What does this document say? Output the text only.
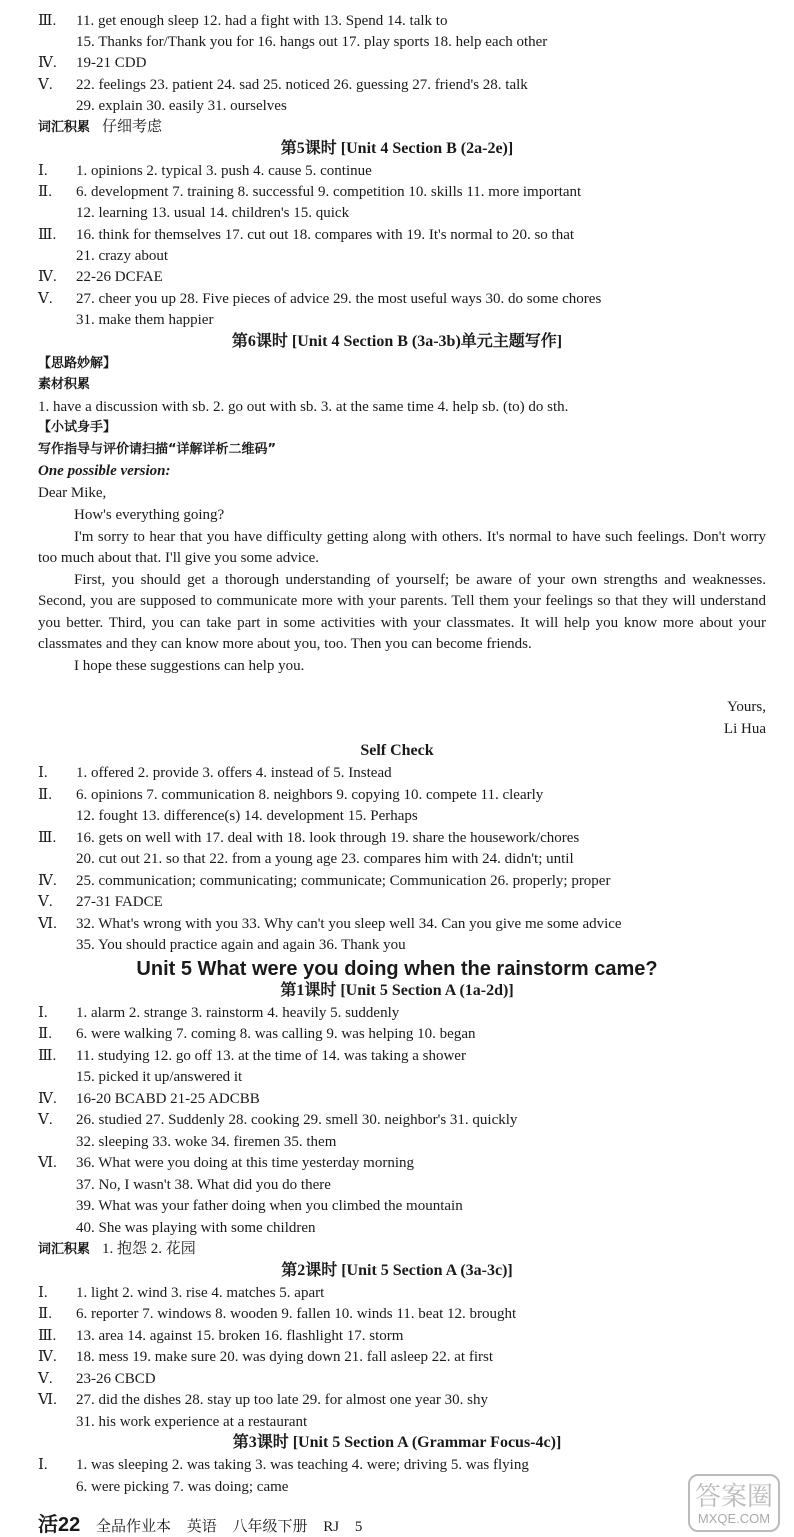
Ⅲ. 11. get enough sleep 12. had a fight with 13. Spend 14. talk to
15. Thanks for/Thank you for 16. hangs out 17. play sports 18. help each other
Ⅳ. 19-21 CDD
Ⅴ. 22. feelings 23. patient 24. sad 25. noticed 26. guessing 27. friend's 28. talk
29. explain 30. easily 31. ourselves
词汇积累 仔细考虑
第5课时 [Unit 4 Section B (2a-2e)]
Ⅰ. 1. opinions 2. typical 3. push 4. cause 5. continue
Ⅱ. 6. development 7. training 8. successful 9. competition 10. skills 11. more important
12. learning 13. usual 14. children's 15. quick
Ⅲ. 16. think for themselves 17. cut out 18. compares with 19. It's normal to 20. so that
21. crazy about
Ⅳ. 22-26 DCFAE
Ⅴ. 27. cheer you up 28. Five pieces of advice 29. the most useful ways 30. do some chores
31. make them happier
第6课时 [Unit 4 Section B (3a-3b)单元主题写作]
【思路妙解】
素材积累
1. have a discussion with sb. 2. go out with sb. 3. at the same time 4. help sb. (to) do sth.
【小试身手】
写作指导与评价请扫描“详解详析二维码”
One possible version:
Dear Mike,

How's everything going?

I'm sorry to hear that you have difficulty getting along with others. It's normal to have such feelings. Don't worry too much about that. I'll give you some advice.

First, you should get a thorough understanding of yourself; be aware of your own strengths and weaknesses. Second, you are supposed to communicate more with your parents. Tell them your feelings so that they will understand you better. Third, you can take part in some activities with your classmates. It will help you know more about your classmates and they can know more about you, too. Then you can become friends.

I hope these suggestions can help you.

Yours,
Li Hua
Self Check
Ⅰ. 1. offered 2. provide 3. offers 4. instead of 5. Instead
Ⅱ. 6. opinions 7. communication 8. neighbors 9. copying 10. compete 11. clearly
12. fought 13. difference(s) 14. development 15. Perhaps
Ⅲ. 16. gets on well with 17. deal with 18. look through 19. share the housework/chores
20. cut out 21. so that 22. from a young age 23. compares him with 24. didn't; until
Ⅳ. 25. communication; communicating; communicate; Communication 26. properly; proper
Ⅴ. 27-31 FADCE
Ⅵ. 32. What's wrong with you 33. Why can't you sleep well 34. Can you give me some advice
35. You should practice again and again 36. Thank you
Unit 5 What were you doing when the rainstorm came?
第1课时 [Unit 5 Section A (1a-2d)]
Ⅰ. 1. alarm 2. strange 3. rainstorm 4. heavily 5. suddenly
Ⅱ. 6. were walking 7. coming 8. was calling 9. was helping 10. began
Ⅲ. 11. studying 12. go off 13. at the time of 14. was taking a shower
15. picked it up/answered it
Ⅳ. 16-20 BCABD 21-25 ADCBB
Ⅴ. 26. studied 27. Suddenly 28. cooking 29. smell 30. neighbor's 31. quickly
32. sleeping 33. woke 34. firemen 35. them
Ⅵ. 36. What were you doing at this time yesterday morning
37. No, I wasn't 38. What did you do there
39. What was your father doing when you climbed the mountain
40. She was playing with some children
词汇积累 1. 抱怨 2. 花园
第2课时 [Unit 5 Section A (3a-3c)]
Ⅰ. 1. light 2. wind 3. rise 4. matches 5. apart
Ⅱ. 6. reporter 7. windows 8. wooden 9. fallen 10. winds 11. beat 12. brought
Ⅲ. 13. area 14. against 15. broken 16. flashlight 17. storm
Ⅳ. 18. mess 19. make sure 20. was dying down 21. fall asleep 22. at first
Ⅴ. 23-26 CBCD
Ⅵ. 27. did the dishes 28. stay up too late 29. for almost one year 30. shy
31. his work experience at a restaurant
第3课时 [Unit 5 Section A (Grammar Focus-4c)]
Ⅰ. 1. was sleeping 2. was taking 3. was teaching 4. were; driving 5. was flying
6. were picking 7. was doing; came
活22 全品作业本 英语 八年级下册 RJ 5
答案圈
MXQE.COM
